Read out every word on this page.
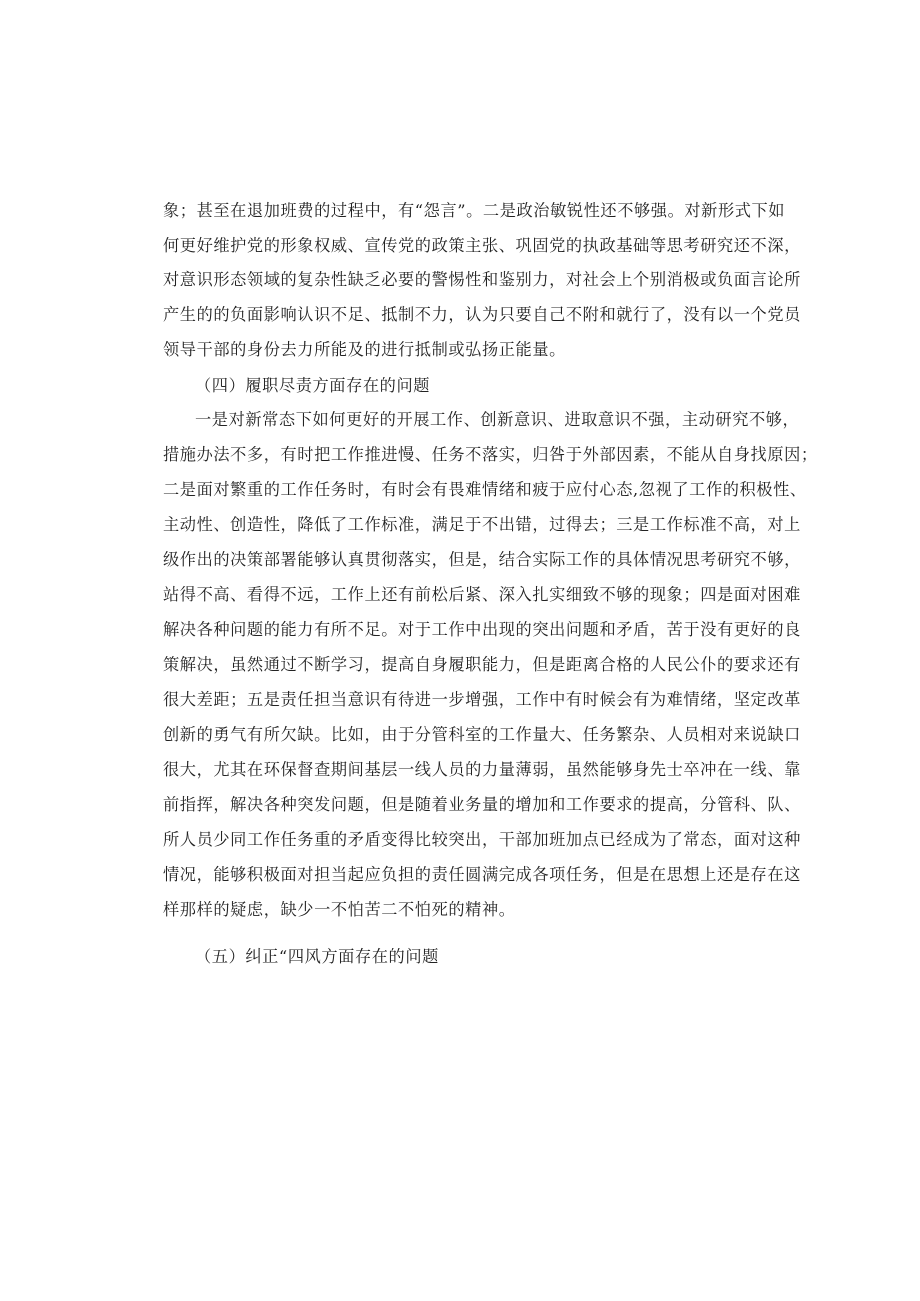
象；甚至在退加班费的过程中，有“怨言”。二是政治敏锐性还不够强。对新形式下如
何更好维护党的形象权威、宣传党的政策主张、巩固党的执政基础等思考研究还不深，
对意识形态领域的复杂性缺乏必要的警惕性和鉴别力，对社会上个别消极或负面言论所
产生的的负面影响认识不足、抵制不力，认为只要自己不附和就行了，没有以一个党员
领导干部的身份去力所能及的进行抵制或弘扬正能量。
（四）履职尽责方面存在的问题
一是对新常态下如何更好的开展工作、创新意识、进取意识不强，主动研究不够，
措施办法不多，有时把工作推进慢、任务不落实，归咎于外部因素，不能从自身找原因；
二是面对繁重的工作任务时，有时会有畏难情绪和疲于应付心态,忽视了工作的积极性、
主动性、创造性，降低了工作标准，满足于不出错，过得去；三是工作标准不高，对上
级作出的决策部署能够认真贯彻落实，但是，结合实际工作的具体情况思考研究不够，
站得不高、看得不远，工作上还有前松后紧、深入扎实细致不够的现象；四是面对困难
解决各种问题的能力有所不足。对于工作中出现的突出问题和矛盾，苦于没有更好的良
策解决，虽然通过不断学习，提高自身履职能力，但是距离合格的人民公仆的要求还有
很大差距；五是责任担当意识有待进一步增强，工作中有时候会有为难情绪，坚定改革
创新的勇气有所欠缺。比如，由于分管科室的工作量大、任务繁杂、人员相对来说缺口
很大，尤其在环保督查期间基层一线人员的力量薄弱，虽然能够身先士卒冲在一线、靠
前指挥，解决各种突发问题，但是随着业务量的增加和工作要求的提高，分管科、队、
所人员少同工作任务重的矛盾变得比较突出，干部加班加点已经成为了常态，面对这种
情况，能够积极面对担当起应负担的责任圆满完成各项任务，但是在思想上还是存在这
样那样的疑虑，缺少一不怕苦二不怕死的精神。
（五）纠正“四风方面存在的问题
